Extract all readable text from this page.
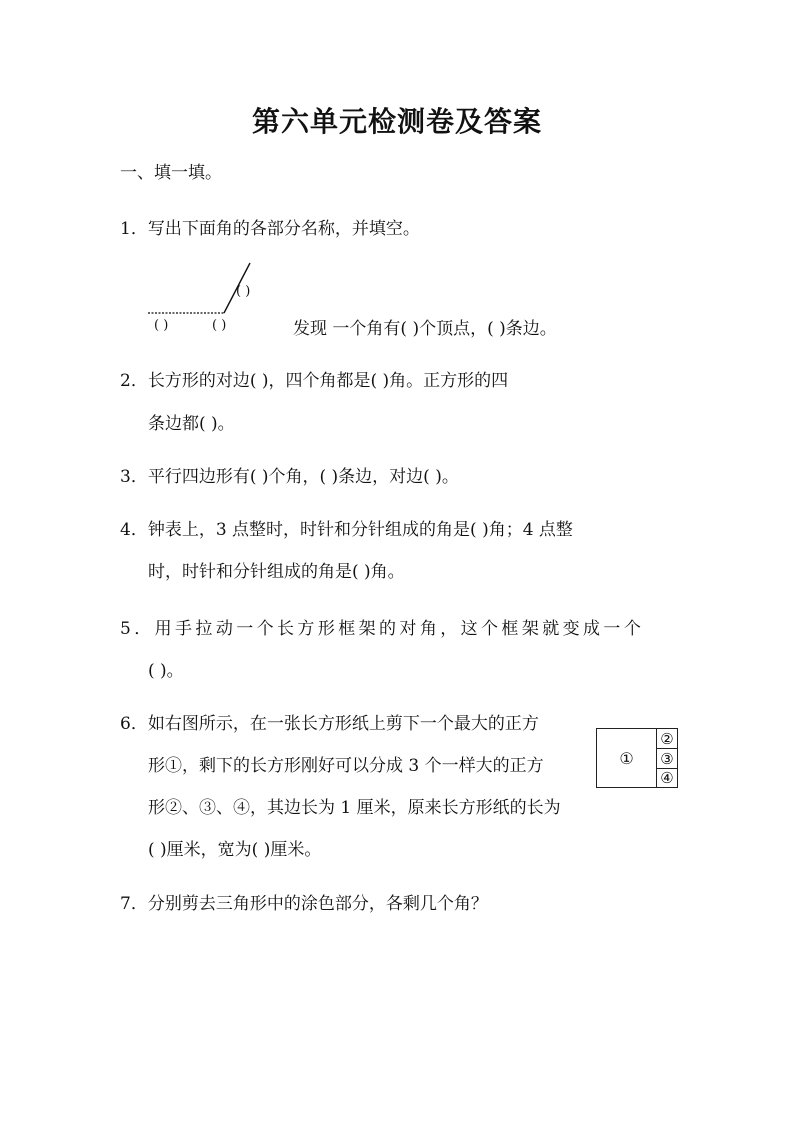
第六单元检测卷及答案
一、填一填。
1．写出下面角的各部分名称，并填空。
( )
( )	( )	发现 一个角有( )个顶点，( )条边。
2．长方形的对边( )，四个角都是( )角。正方形的四
条边都( )。
3．平行四边形有( )个角，( )条边，对边( )。
4．钟表上，3 点整时，时针和分针组成的角是( )角；4 点整
时，时针和分针组成的角是( )角。
5．用手拉动一个长方形框架的对角，这个框架就变成一个
( )。
6．如右图所示，在一张长方形纸上剪下一个最大的正方
形①，剩下的长方形刚好可以分成 3 个一样大的正方
形②、③、④，其边长为 1 厘米，原来长方形纸的长为
( )厘米，宽为( )厘米。
①
②
③
④
7．分别剪去三角形中的涂色部分，各剩几个角？
